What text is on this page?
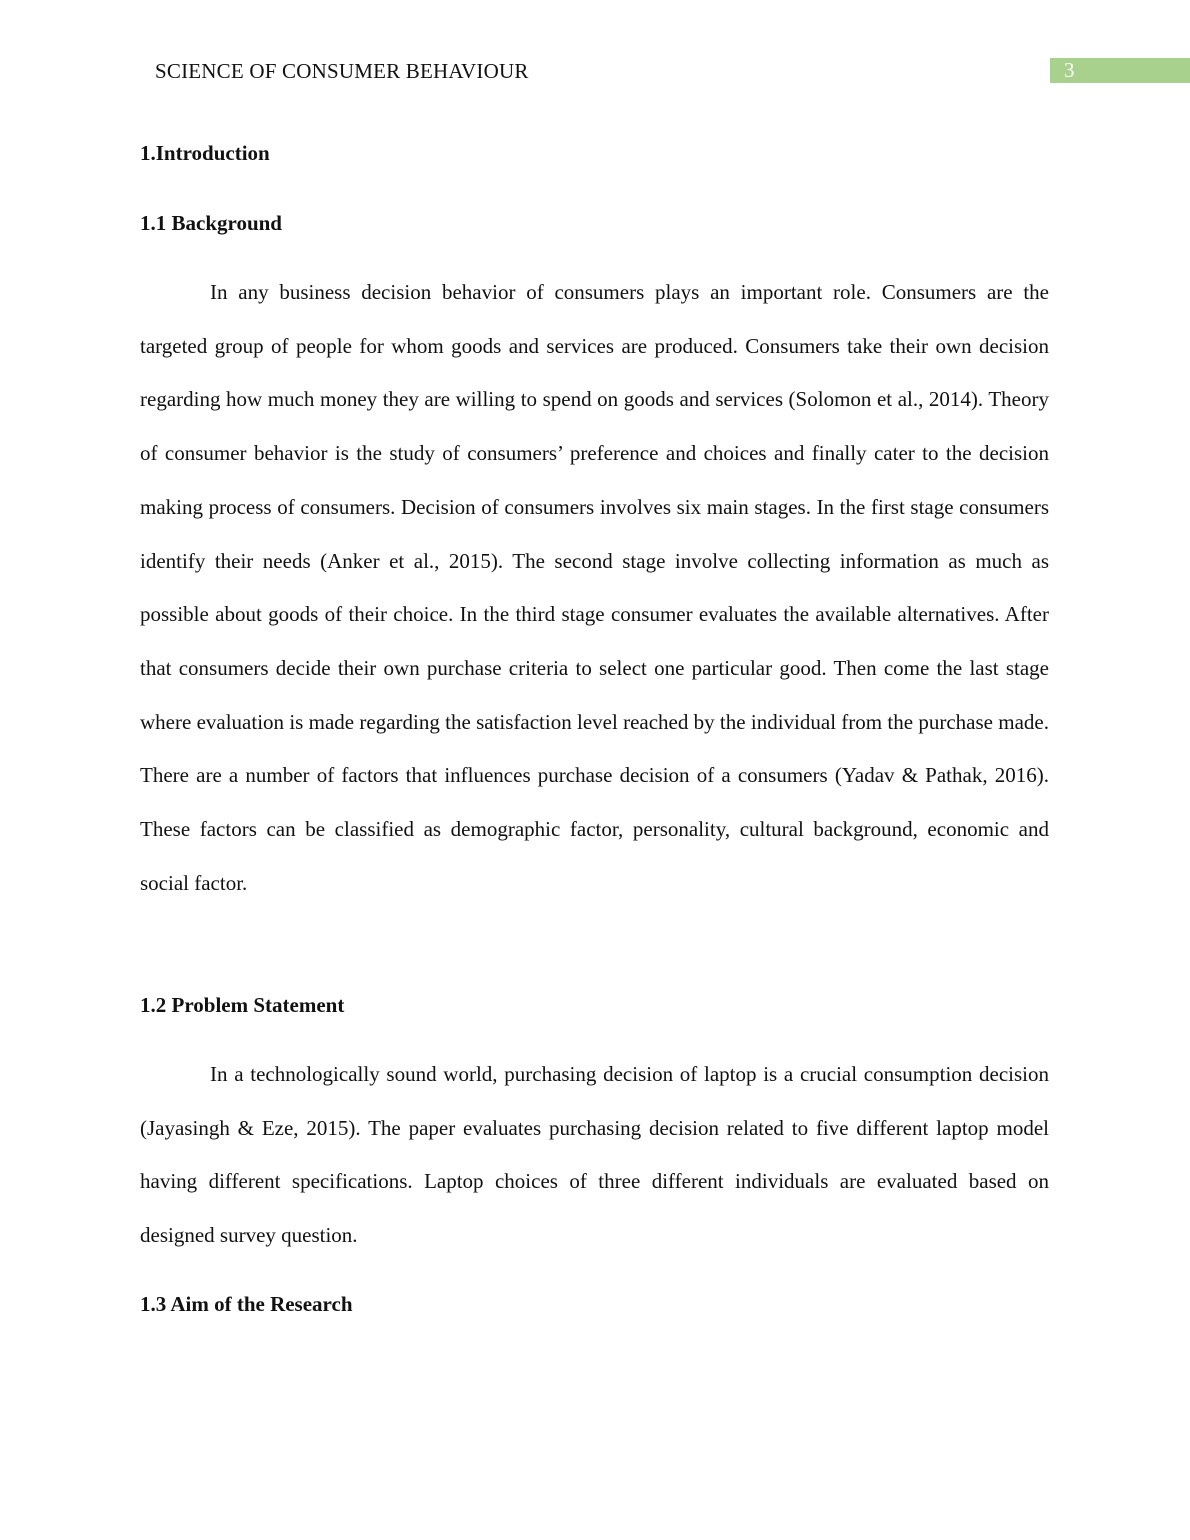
SCIENCE OF CONSUMER BEHAVIOUR	3
1.Introduction
1.1 Background

In any business decision behavior of consumers plays an important role. Consumers are the targeted group of people for whom goods and services are produced. Consumers take their own decision regarding how much money they are willing to spend on goods and services (Solomon et al., 2014). Theory of consumer behavior is the study of consumers’ preference and choices and finally cater to the decision making process of consumers. Decision of consumers involves six main stages. In the first stage consumers identify their needs (Anker et al., 2015). The second stage involve collecting information as much as possible about goods of their choice. In the third stage consumer evaluates the available alternatives. After that consumers decide their own purchase criteria to select one particular good. Then come the last stage where evaluation is made regarding the satisfaction level reached by the individual from the purchase made. There are a number of factors that influences purchase decision of a consumers (Yadav & Pathak, 2016). These factors can be classified as demographic factor, personality, cultural background, economic and social factor.

1.2 Problem Statement

In a technologically sound world, purchasing decision of laptop is a crucial consumption decision (Jayasingh & Eze, 2015). The paper evaluates purchasing decision related to five different laptop model having different specifications. Laptop choices of three different individuals are evaluated based on designed survey question.

1.3 Aim of the Research
